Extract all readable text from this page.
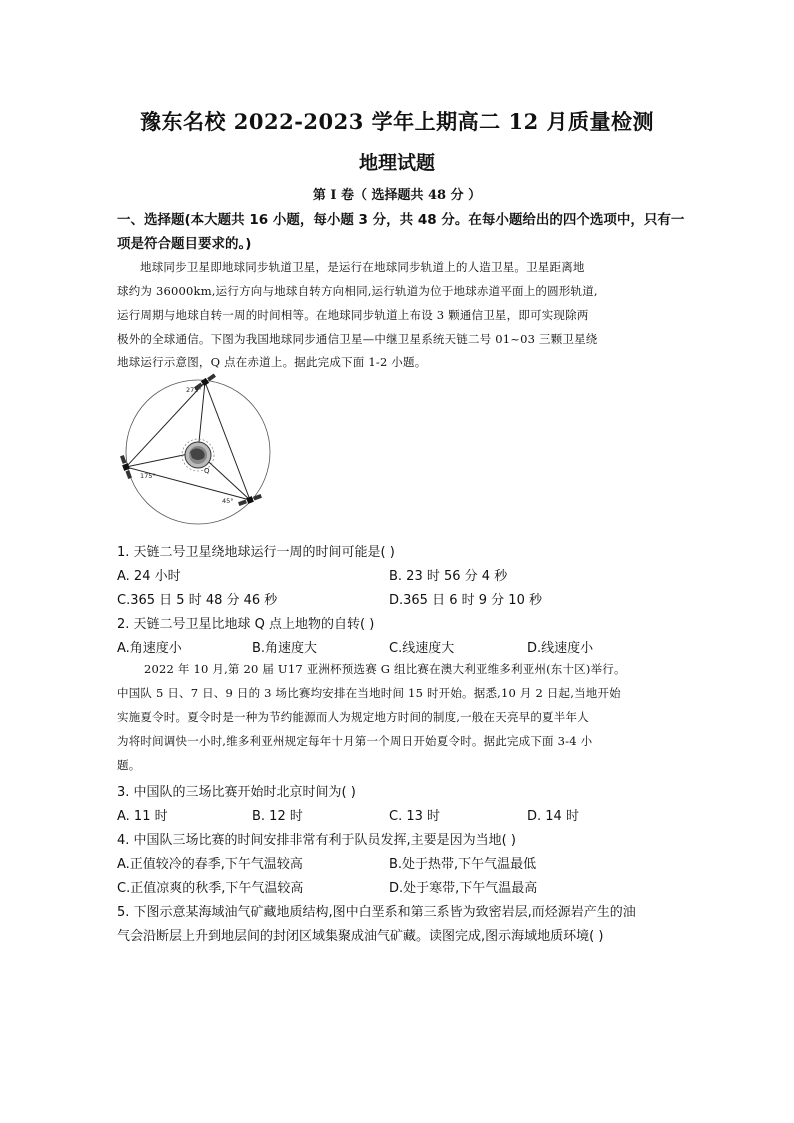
豫东名校 2022-2023 学年上期高二 12 月质量检测
地理试题
第 I 卷（ 选择题共 48 分 ）
一、选择题(本大题共 16 小题，每小题 3 分，共 48 分。在每小题给出的四个选项中，只有一
项是符合题目要求的。)
地球同步卫星即地球同步轨道卫星，是运行在地球同步轨道上的人造卫星。卫星距离地
球约为 36000km,运行方向与地球自转方向相同,运行轨道为位于地球赤道平面上的圆形轨道,
运行周期与地球自转一周的时间相等。在地球同步轨道上布设 3 颗通信卫星，即可实现除两
极外的全球通信。下图为我国地球同步通信卫星—中继卫星系统天链二号 01~03 三颗卫星绕
地球运行示意图，Q 点在赤道上。据此完成下面 1-2 小题。
275°
175°
45°
Q
1. 天链二号卫星绕地球运行一周的时间可能是( )
A. 24 小时	B. 23 时 56 分 4 秒
C.365 日 5 时 48 分 46 秒	D.365 日 6 时 9 分 10 秒
2. 天链二号卫星比地球 Q 点上地物的自转( )
A.角速度小	B.角速度大	C.线速度大	D.线速度小
2022 年 10 月,第 20 届 U17 亚洲杯预选赛 G 组比赛在澳大利亚维多利亚州(东十区)举行。
中国队 5 日、7 日、9 日的 3 场比赛均安排在当地时间 15 时开始。据悉,10 月 2 日起,当地开始
实施夏令时。夏令时是一种为节约能源而人为规定地方时间的制度,一般在天亮早的夏半年人
为将时间调快一小时,维多利亚州规定每年十月第一个周日开始夏令时。据此完成下面 3-4 小
题。
3. 中国队的三场比赛开始时北京时间为( )
A. 11 时	B. 12 时	C. 13 时	D. 14 时
4. 中国队三场比赛的时间安排非常有利于队员发挥,主要是因为当地( )
A.正值较冷的春季,下午气温较高	B.处于热带,下午气温最低
C.正值凉爽的秋季,下午气温较高	D.处于寒带,下午气温最高
5. 下图示意某海域油气矿藏地质结构,图中白垩系和第三系皆为致密岩层,而烃源岩产生的油
气会沿断层上升到地层间的封闭区域集聚成油气矿藏。读图完成,图示海域地质环境( )
